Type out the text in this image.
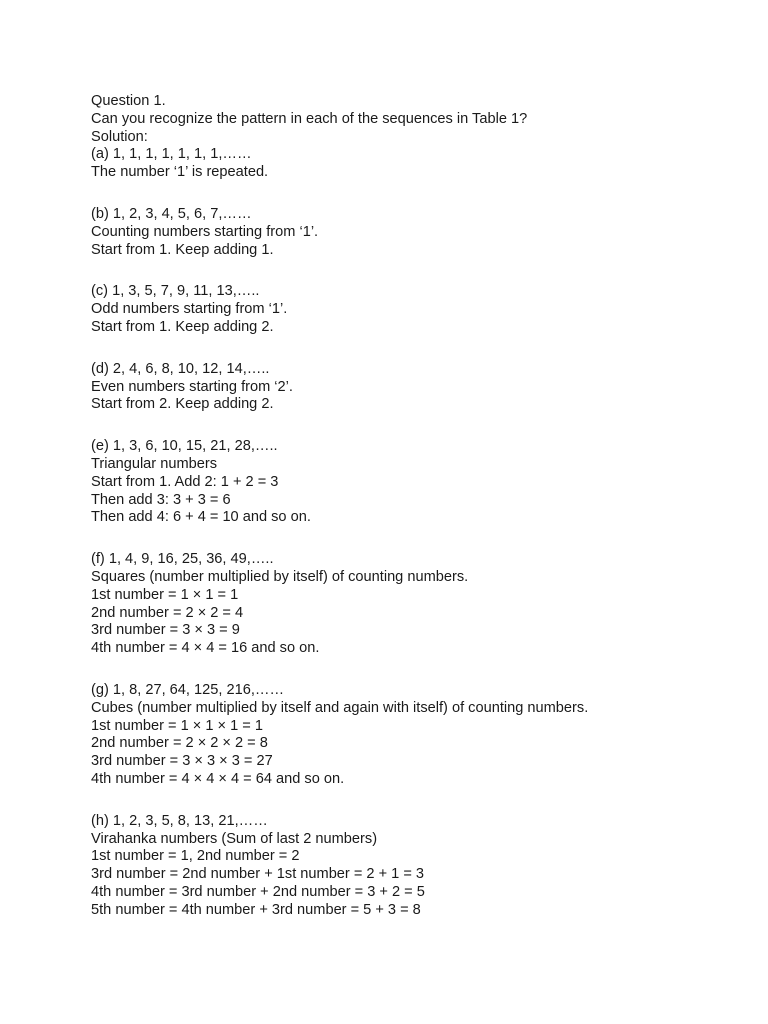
Question 1.
Can you recognize the pattern in each of the sequences in Table 1?
Solution:
(a) 1, 1, 1, 1, 1, 1, 1,……
The number ‘1’ is repeated.
(b) 1, 2, 3, 4, 5, 6, 7,……
Counting numbers starting from ‘1’.
Start from 1. Keep adding 1.
(c) 1, 3, 5, 7, 9, 11, 13,…..
Odd numbers starting from ‘1’.
Start from 1. Keep adding 2.
(d) 2, 4, 6, 8, 10, 12, 14,…..
Even numbers starting from ‘2’.
Start from 2. Keep adding 2.
(e) 1, 3, 6, 10, 15, 21, 28,…..
Triangular numbers
Start from 1. Add 2: 1 + 2 = 3
Then add 3: 3 + 3 = 6
Then add 4: 6 + 4 = 10 and so on.
(f) 1, 4, 9, 16, 25, 36, 49,…..
Squares (number multiplied by itself) of counting numbers.
1st number = 1 × 1 = 1
2nd number = 2 × 2 = 4
3rd number = 3 × 3 = 9
4th number = 4 × 4 = 16 and so on.
(g) 1, 8, 27, 64, 125, 216,……
Cubes (number multiplied by itself and again with itself) of counting numbers.
1st number = 1 × 1 × 1 = 1
2nd number = 2 × 2 × 2 = 8
3rd number = 3 × 3 × 3 = 27
4th number = 4 × 4 × 4 = 64 and so on.
(h) 1, 2, 3, 5, 8, 13, 21,……
Virahanka numbers (Sum of last 2 numbers)
1st number = 1, 2nd number = 2
3rd number = 2nd number + 1st number = 2 + 1 = 3
4th number = 3rd number + 2nd number = 3 + 2 = 5
5th number = 4th number + 3rd number = 5 + 3 = 8
